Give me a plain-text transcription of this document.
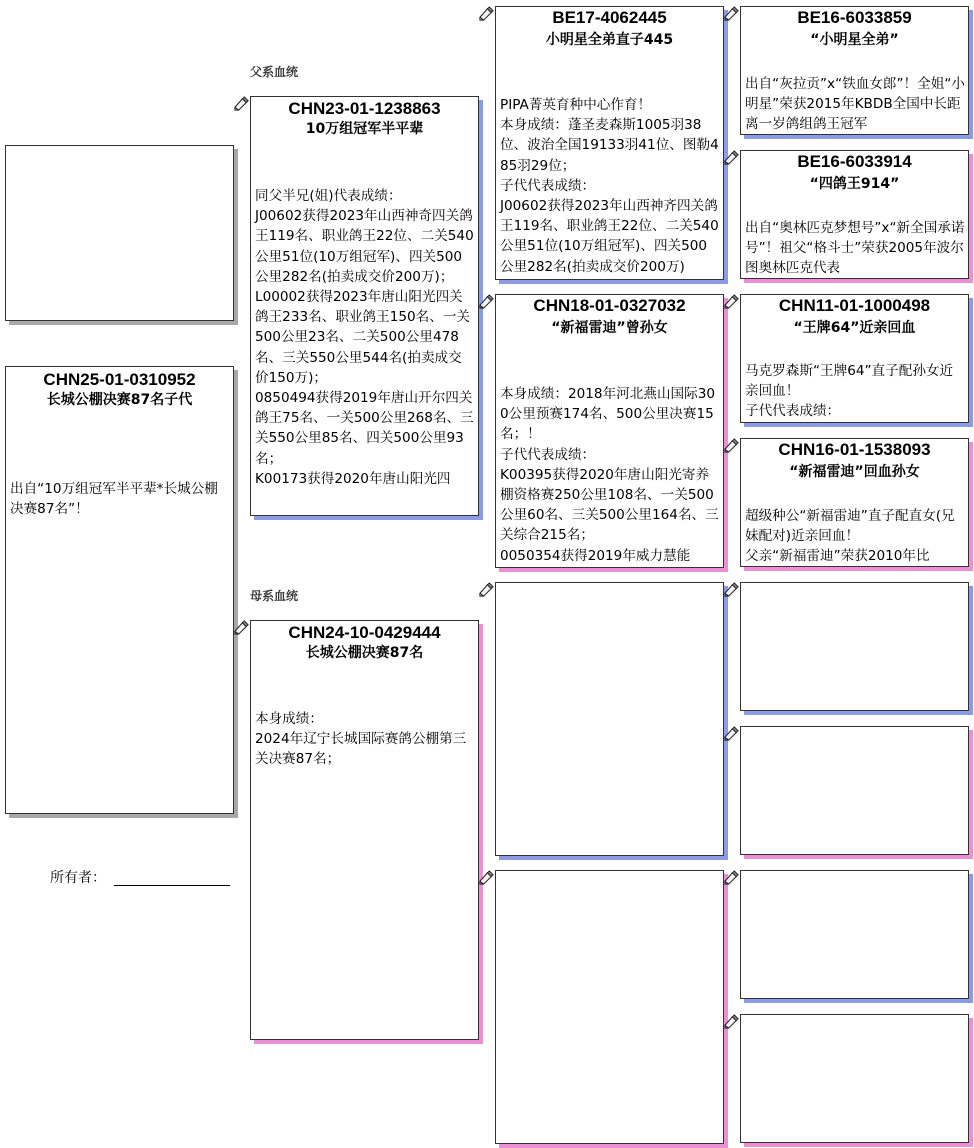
CHN25-01-0310952
长城公棚决赛87名子代
出自“10万组冠军半平辈*长城公棚决赛87名”！
所有者：
父系血统
母系血统
CHN23-01-1238863
10万组冠军半平辈
同父半兄(姐)代表成绩：
J00602获得2023年山西神奇四关鸽王119名、职业鸽王22位、二关540公里51位(10万组冠军)、四关500公里282名(拍卖成交价200万)；
L00002获得2023年唐山阳光四关鸽王233名、职业鸽王150名、一关500公里23名、二关500公里478名、三关550公里544名(拍卖成交价150万)；
0850494获得2019年唐山开尔四关鸽王75名、一关500公里268名、三关550公里85名、四关500公里93名；
K00173获得2020年唐山阳光四
CHN24-10-0429444
长城公棚决赛87名
本身成绩：
2024年辽宁长城国际赛鸽公棚第三关决赛87名；
BE17-4062445
小明星全弟直子445
PIPA菁英育种中心作育！
本身成绩：蓬圣麦森斯1005羽38位、波治全国19133羽41位、图勒485羽29位；
子代代表成绩：
J00602获得2023年山西神齐四关鸽王119名、职业鸽王22位、二关540公里51位(10万组冠军)、四关500公里282名(拍卖成交价200万)
CHN18-01-0327032
“新福雷迪”曾孙女
本身成绩：2018年河北燕山国际300公里预赛174名、500公里决赛15名；！
子代代表成绩：
K00395获得2020年唐山阳光寄养棚资格赛250公里108名、一关500公里60名、三关500公里164名、三关综合215名；
0050354获得2019年威力慧能
BE16-6033859
“小明星全弟”
出自“灰拉贡”x“铁血女郎”！全姐“小明星”荣获2015年KBDB全国中长距离一岁鸽组鸽王冠军
BE16-6033914
“四鸽王914”
出自“奥林匹克梦想号”x“新全国承诺号”！祖父“格斗士”荣获2005年波尔图奥林匹克代表
CHN11-01-1000498
“王牌64”近亲回血
马克罗森斯“王牌64”直子配孙女近亲回血！
子代代表成绩：

CHN16-01-1538093
“新福雷迪”回血孙女
超级种公“新福雷迪”直子配直女(兄妹配对)近亲回血！
父亲“新福雷迪”荣获2010年比
